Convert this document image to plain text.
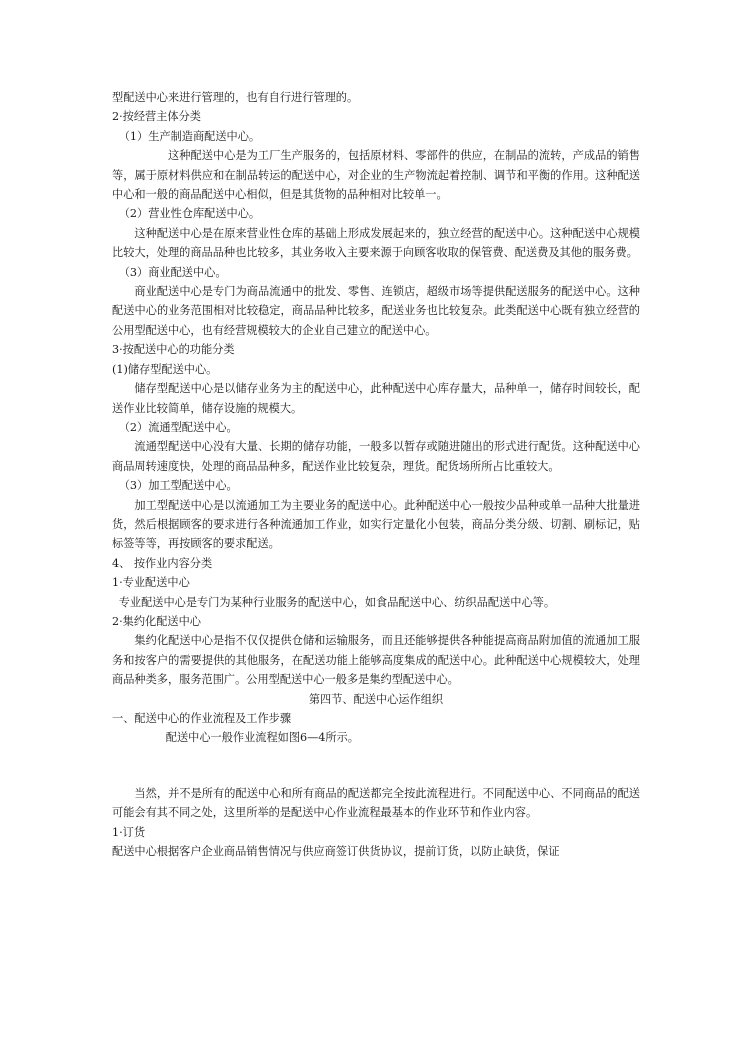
型配送中心来进行管理的，也有自行进行管理的。

2·按经营主体分类

（1）生产制造商配送中心。

这种配送中心是为工厂生产服务的，包括原材料、零部件的供应，在制品的流转，产成品的销售等，属于原材料供应和在制品转运的配送中心，对企业的生产物流起着控制、调节和平衡的作用。这种配送中心和一般的商品配送中心相似，但是其货物的品种相对比较单一。

（2）营业性仓库配送中心。

这种配送中心是在原来营业性仓库的基础上形成发展起来的，独立经营的配送中心。这种配送中心规模比较大，处理的商品品种也比较多，其业务收入主要来源于向顾客收取的保管费、配送费及其他的服务费。

（3）商业配送中心。

商业配送中心是专门为商品流通中的批发、零售、连锁店，超级市场等提供配送服务的配送中心。这种配送中心的业务范围相对比较稳定，商品品种比较多，配送业务也比较复杂。此类配送中心既有独立经营的公用型配送中心，也有经营规模较大的企业自己建立的配送中心。

3·按配送中心的功能分类

(1)储存型配送中心。

储存型配送中心是以储存业务为主的配送中心，此种配送中心库存量大，品种单一，储存时间较长，配送作业比较简单，储存设施的规模大。

（2）流通型配送中心。

流通型配送中心没有大量、长期的储存功能，一般多以暂存或随进随出的形式进行配货。这种配送中心商品周转速度快，处理的商品品种多，配送作业比较复杂，理货。配货场所所占比重较大。

（3）加工型配送中心。

加工型配送中心是以流通加工为主要业务的配送中心。此种配送中心一般按少品种或单一品种大批量进货，然后根据顾客的要求进行各种流通加工作业，如实行定量化小包装，商品分类分级、切割、刷标记，贴标签等等，再按顾客的要求配送。

4、 按作业内容分类

1·专业配送中心

专业配送中心是专门为某种行业服务的配送中心，如食品配送中心、纺织品配送中心等。

2·集约化配送中心

集约化配送中心是指不仅仅提供仓储和运输服务，而且还能够提供各种能提高商品附加值的流通加工服务和按客户的需要提供的其他服务，在配送功能上能够高度集成的配送中心。此种配送中心规模较大，处理商品种类多，服务范围广。公用型配送中心一般多是集约型配送中心。

第四节、配送中心运作组织

一、配送中心的作业流程及工作步骤

配送中心一般作业流程如图6—4所示。

当然，并不是所有的配送中心和所有商品的配送都完全按此流程进行。不同配送中心、不同商品的配送可能会有其不同之处，这里所举的是配送中心作业流程最基本的作业环节和作业内容。

1·订货

配送中心根据客户企业商品销售情况与供应商签订供货协议，提前订货，以防止缺货，保证
